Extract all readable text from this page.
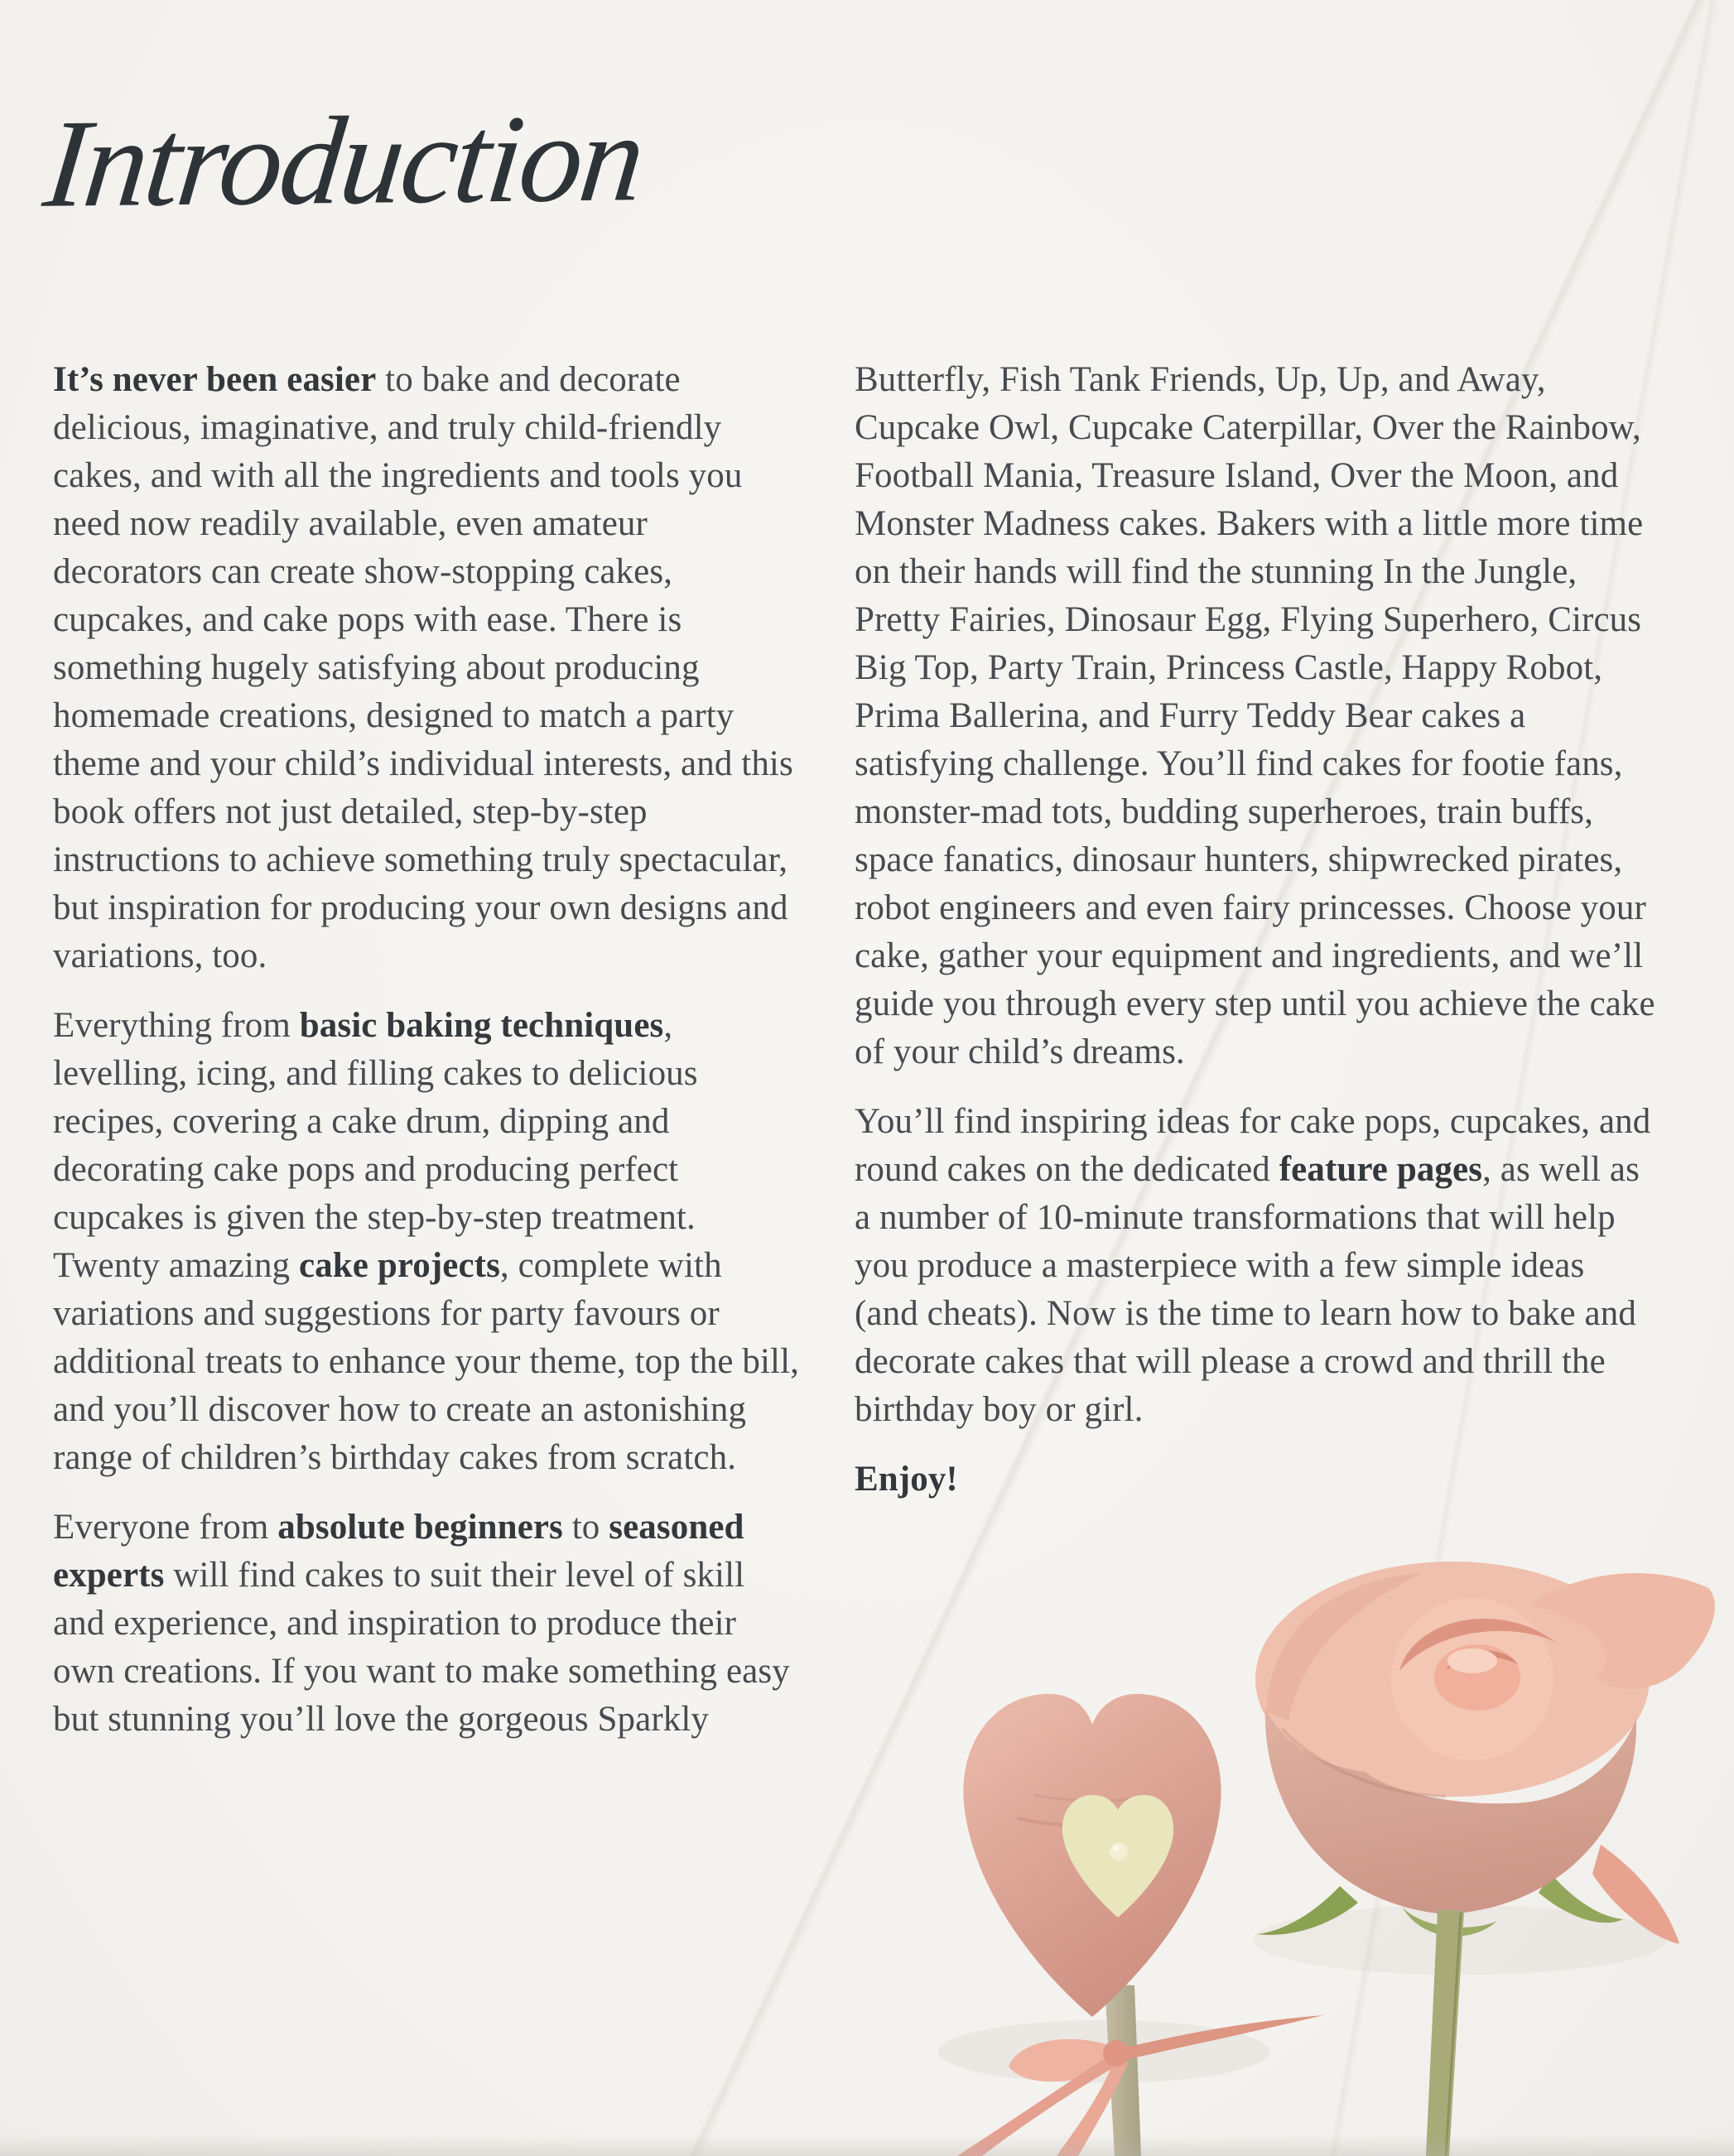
Introduction

It’s never been easier to bake and decorate delicious, imaginative, and truly child-friendly cakes, and with all the ingredients and tools you need now readily available, even amateur decorators can create show-stopping cakes, cupcakes, and cake pops with ease. There is something hugely satisfying about producing homemade creations, designed to match a party theme and your child’s individual interests, and this book offers not just detailed, step-by-step instructions to achieve something truly spectacular, but inspiration for producing your own designs and variations, too.

Everything from basic baking techniques, levelling, icing, and filling cakes to delicious recipes, covering a cake drum, dipping and decorating cake pops and producing perfect cupcakes is given the step-by-step treatment. Twenty amazing cake projects, complete with variations and suggestions for party favours or additional treats to enhance your theme, top the bill, and you’ll discover how to create an astonishing range of children’s birthday cakes from scratch.

Everyone from absolute beginners to seasoned experts will find cakes to suit their level of skill and experience, and inspiration to produce their own creations. If you want to make something easy but stunning you’ll love the gorgeous Sparkly

Butterfly, Fish Tank Friends, Up, Up, and Away, Cupcake Owl, Cupcake Caterpillar, Over the Rainbow, Football Mania, Treasure Island, Over the Moon, and Monster Madness cakes. Bakers with a little more time on their hands will find the stunning In the Jungle, Pretty Fairies, Dinosaur Egg, Flying Superhero, Circus Big Top, Party Train, Princess Castle, Happy Robot, Prima Ballerina, and Furry Teddy Bear cakes a satisfying challenge. You’ll find cakes for footie fans, monster-mad tots, budding superheroes, train buffs, space fanatics, dinosaur hunters, shipwrecked pirates, robot engineers and even fairy princesses. Choose your cake, gather your equipment and ingredients, and we’ll guide you through every step until you achieve the cake of your child’s dreams.

You’ll find inspiring ideas for cake pops, cupcakes, and round cakes on the dedicated feature pages, as well as a number of 10-minute transformations that will help you produce a masterpiece with a few simple ideas (and cheats). Now is the time to learn how to bake and decorate cakes that will please a crowd and thrill the birthday boy or girl.

Enjoy!
